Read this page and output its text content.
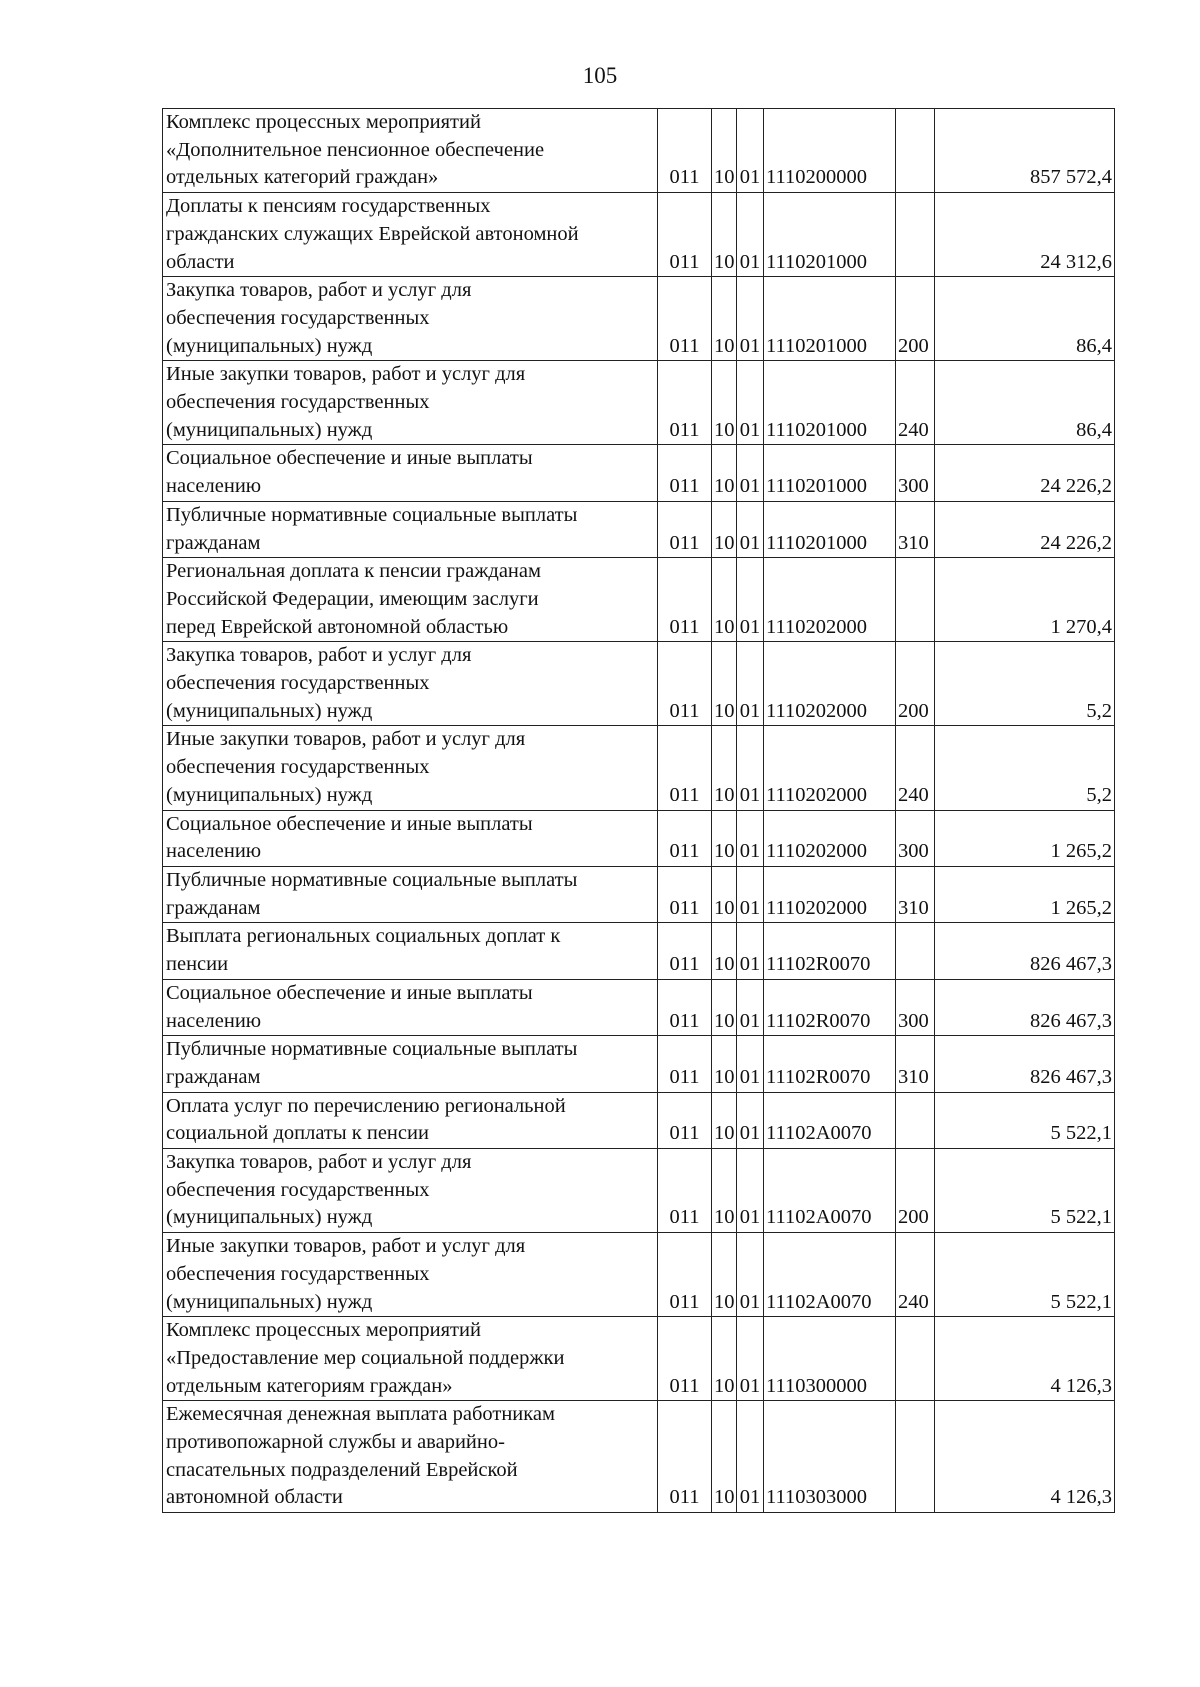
105
Комплекс процессных мероприятий
«Дополнительное пенсионное обеспечение
отдельных категорий граждан»	011	10	01	1110200000		857 572,4
Доплаты к пенсиям государственных
гражданских служащих Еврейской автономной
области	011	10	01	1110201000		24 312,6
Закупка товаров, работ и услуг для
обеспечения государственных
(муниципальных) нужд	011	10	01	1110201000	200	86,4
Иные закупки товаров, работ и услуг для
обеспечения государственных
(муниципальных) нужд	011	10	01	1110201000	240	86,4
Социальное обеспечение и иные выплаты
населению	011	10	01	1110201000	300	24 226,2
Публичные нормативные социальные выплаты
гражданам	011	10	01	1110201000	310	24 226,2
Региональная доплата к пенсии гражданам
Российской Федерации, имеющим заслуги
перед Еврейской автономной областью	011	10	01	1110202000		1 270,4
Закупка товаров, работ и услуг для
обеспечения государственных
(муниципальных) нужд	011	10	01	1110202000	200	5,2
Иные закупки товаров, работ и услуг для
обеспечения государственных
(муниципальных) нужд	011	10	01	1110202000	240	5,2
Социальное обеспечение и иные выплаты
населению	011	10	01	1110202000	300	1 265,2
Публичные нормативные социальные выплаты
гражданам	011	10	01	1110202000	310	1 265,2
Выплата региональных социальных доплат к
пенсии	011	10	01	11102R0070		826 467,3
Социальное обеспечение и иные выплаты
населению	011	10	01	11102R0070	300	826 467,3
Публичные нормативные социальные выплаты
гражданам	011	10	01	11102R0070	310	826 467,3
Оплата услуг по перечислению региональной
социальной доплаты к пенсии	011	10	01	11102A0070		5 522,1
Закупка товаров, работ и услуг для
обеспечения государственных
(муниципальных) нужд	011	10	01	11102A0070	200	5 522,1
Иные закупки товаров, работ и услуг для
обеспечения государственных
(муниципальных) нужд	011	10	01	11102A0070	240	5 522,1
Комплекс процессных мероприятий
«Предоставление мер социальной поддержки
отдельным категориям граждан»	011	10	01	1110300000		4 126,3
Ежемесячная денежная выплата работникам
противопожарной службы и аварийно-
спасательных подразделений Еврейской
автономной области	011	10	01	1110303000		4 126,3
